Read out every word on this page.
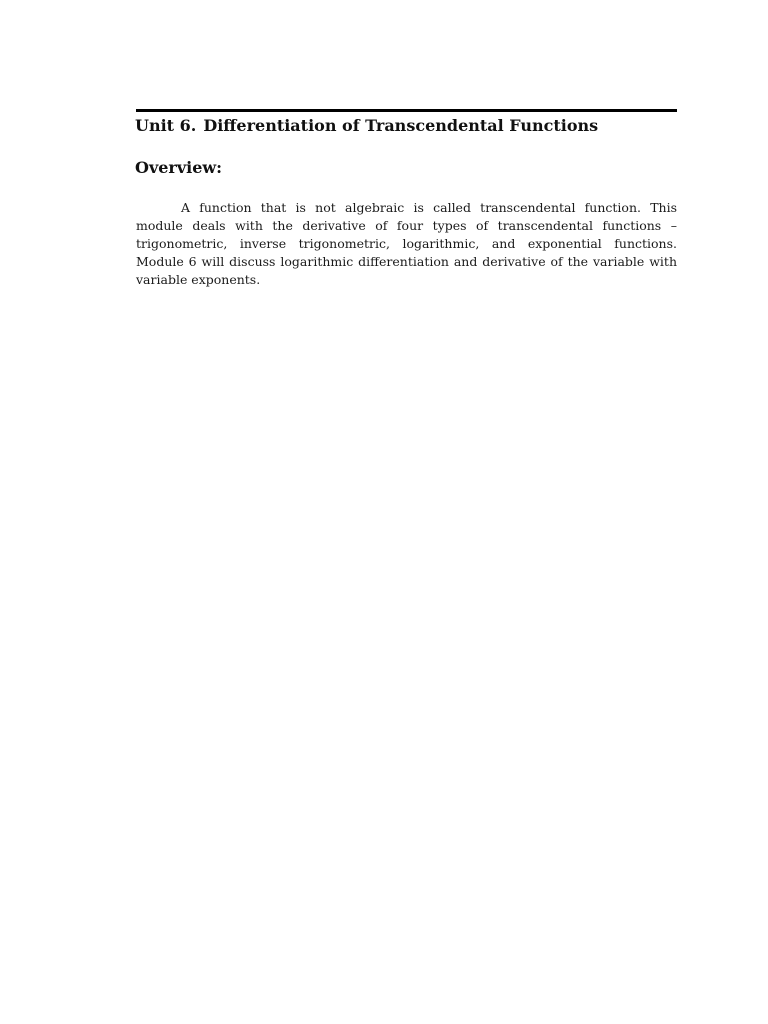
Unit 6. Differentiation of Transcendental Functions
Overview:

A function that is not algebraic is called transcendental function. This
module deals with the derivative of four types of transcendental functions –
trigonometric, inverse trigonometric, logarithmic, and exponential functions.
Module 6 will discuss logarithmic differentiation and derivative of the variable with
variable exponents.
